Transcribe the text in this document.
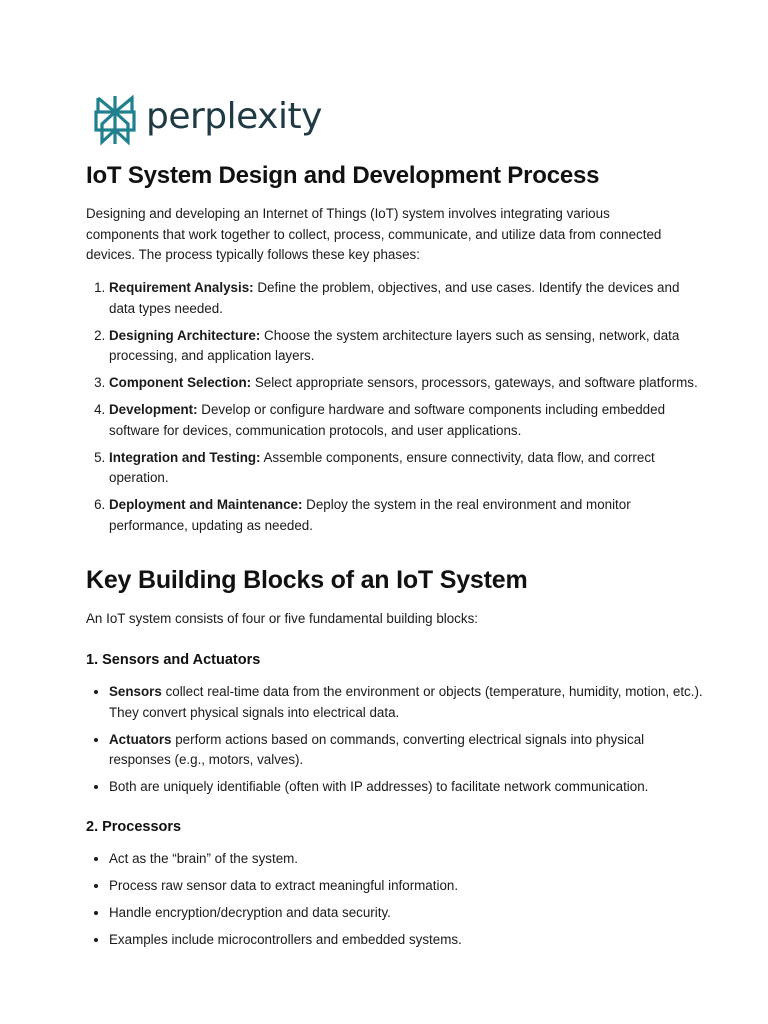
perplexity
IoT System Design and Development Process

Designing and developing an Internet of Things (IoT) system involves integrating various components that work together to collect, process, communicate, and utilize data from connected devices. The process typically follows these key phases:

1. Requirement Analysis: Define the problem, objectives, and use cases. Identify the devices and data types needed.
2. Designing Architecture: Choose the system architecture layers such as sensing, network, data processing, and application layers.
3. Component Selection: Select appropriate sensors, processors, gateways, and software platforms.
4. Development: Develop or configure hardware and software components including embedded software for devices, communication protocols, and user applications.
5. Integration and Testing: Assemble components, ensure connectivity, data flow, and correct operation.
6. Deployment and Maintenance: Deploy the system in the real environment and monitor performance, updating as needed.
Key Building Blocks of an IoT System

An IoT system consists of four or five fundamental building blocks:

1. Sensors and Actuators
• Sensors collect real-time data from the environment or objects (temperature, humidity, motion, etc.). They convert physical signals into electrical data.
• Actuators perform actions based on commands, converting electrical signals into physical responses (e.g., motors, valves).
• Both are uniquely identifiable (often with IP addresses) to facilitate network communication.
2. Processors
• Act as the “brain” of the system.
• Process raw sensor data to extract meaningful information.
• Handle encryption/decryption and data security.
• Examples include microcontrollers and embedded systems.
